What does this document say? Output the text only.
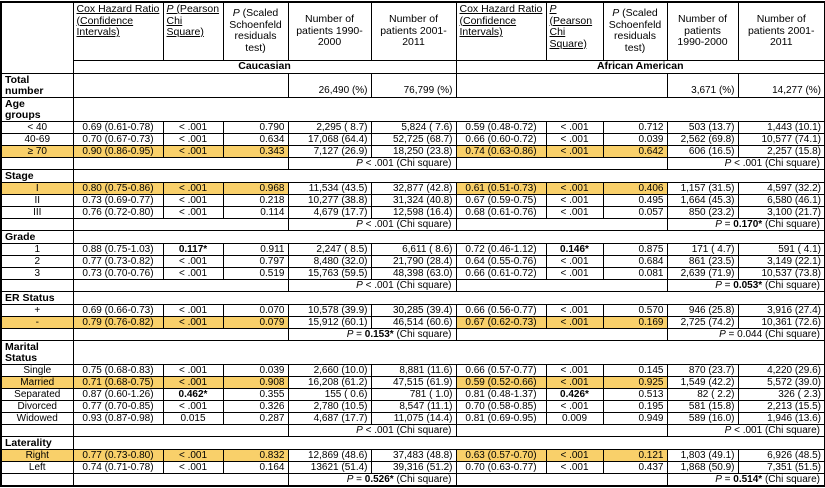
	Cox Hazard Ratio (Confidence Intervals)	P (Pearson Chi Square)	P (Scaled Schoenfeld residuals test)	Number of patients 1990-2000	Number of patients 2001-2011	Cox Hazard Ratio (Confidence Intervals)	P (Pearson Chi Square)	P (Scaled Schoenfeld residuals test)	Number of patients 1990-2000	Number of patients 2001-2011
	Caucasian					African American				
Total
number				26,490 (%)	76,799 (%)				3,671 (%)	14,277 (%)
Age
groups										
< 40	0.69 (0.61-0.78)	< .001	0.790	2,295 ( 8.7)	5,824 ( 7.6)	0.59 (0.48-0.72)	< .001	0.712	503 (13.7)	1,443 (10.1)
40-69	0.70 (0.67-0.73)	< .001	0.634	17,068 (64.4)	52,725 (68.7)	0.66 (0.60-0.72)	< .001	0.039	2,562 (69.8)	10,577 (74.1)
≥ 70	0.90 (0.86-0.95)	< .001	0.343	7,127 (26.9)	18,250 (23.8)	0.74 (0.63-0.86)	< .001	0.642	606 (16.5)	2,257 (15.8)
				P < .001 (Chi square)					P < .001 (Chi square)	
Stage										
I	0.80 (0.75-0.86)	< .001	0.968	11,534 (43.5)	32,877 (42.8)	0.61 (0.51-0.73)	< .001	0.406	1,157 (31.5)	4,597 (32.2)
II	0.73 (0.69-0.77)	< .001	0.218	10,277 (38.8)	31,324 (40.8)	0.67 (0.59-0.75)	< .001	0.495	1,664 (45.3)	6,580 (46.1)
III	0.76 (0.72-0.80)	< .001	0.114	4,679 (17.7)	12,598 (16.4)	0.68 (0.61-0.76)	< .001	0.057	850 (23.2)	3,100 (21.7)
				P < .001 (Chi square)					P = 0.170* (Chi square)	
Grade										
1	0.88 (0.75-1.03)	0.117*	0.911	2,247 ( 8.5)	6,611 ( 8.6)	0.72 (0.46-1.12)	0.146*	0.875	171 ( 4.7)	591 ( 4.1)
2	0.77 (0.73-0.82)	< .001	0.797	8,480 (32.0)	21,790 (28.4)	0.64 (0.55-0.76)	< .001	0.684	861 (23.5)	3,149 (22.1)
3	0.73 (0.70-0.76)	< .001	0.519	15,763 (59.5)	48,398 (63.0)	0.66 (0.61-0.72)	< .001	0.081	2,639 (71.9)	10,537 (73.8)
				P < .001 (Chi square)					P = 0.053* (Chi square)	
ER Status										
+	0.69 (0.66-0.73)	< .001	0.070	10,578 (39.9)	30,285 (39.4)	0.66 (0.56-0.77)	< .001	0.570	946 (25.8)	3,916 (27.4)
-	0.79 (0.76-0.82)	< .001	0.079	15,912 (60.1)	46,514 (60.6)	0.67 (0.62-0.73)	< .001	0.169	2,725 (74.2)	10,361 (72.6)
				P = 0.153* (Chi square)					P = 0.044 (Chi square)	
Marital
Status										
Single	0.75 (0.68-0.83)	< .001	0.039	2,660 (10.0)	8,881 (11.6)	0.66 (0.57-0.77)	< .001	0.145	870 (23.7)	4,220 (29.6)
Married	0.71 (0.68-0.75)	< .001	0.908	16,208 (61.2)	47,515 (61.9)	0.59 (0.52-0.66)	< .001	0.925	1,549 (42.2)	5,572 (39.0)
Separated	0.87 (0.60-1.26)	0.462*	0.355	155 ( 0.6)	781 ( 1.0)	0.81 (0.48-1.37)	0.426*	0.513	82 ( 2.2)	326 ( 2.3)
Divorced	0.77 (0.70-0.85)	< .001	0.326	2,780 (10.5)	8,547 (11.1)	0.70 (0.58-0.85)	< .001	0.195	581 (15.8)	2,213 (15.5)
Widowed	0.93 (0.87-0.98)	0.015	0.287	4,687 (17.7)	11,075 (14.4)	0.81 (0.69-0.95)	0.009	0.949	589 (16.0)	1,946 (13.6)
				P < .001 (Chi square)					P < .001 (Chi square)	
Laterality										
Right	0.77 (0.73-0.80)	< .001	0.832	12,869 (48.6)	37,483 (48.8)	0.63 (0.57-0.70)	< .001	0.121	1,803 (49.1)	6,926 (48.5)
Left	0.74 (0.71-0.78)	< .001	0.164	13621 (51.4)	39,316 (51.2)	0.70 (0.63-0.77)	< .001	0.437	1,868 (50.9)	7,351 (51.5)
				P = 0.526* (Chi square)					P = 0.514* (Chi square)	
